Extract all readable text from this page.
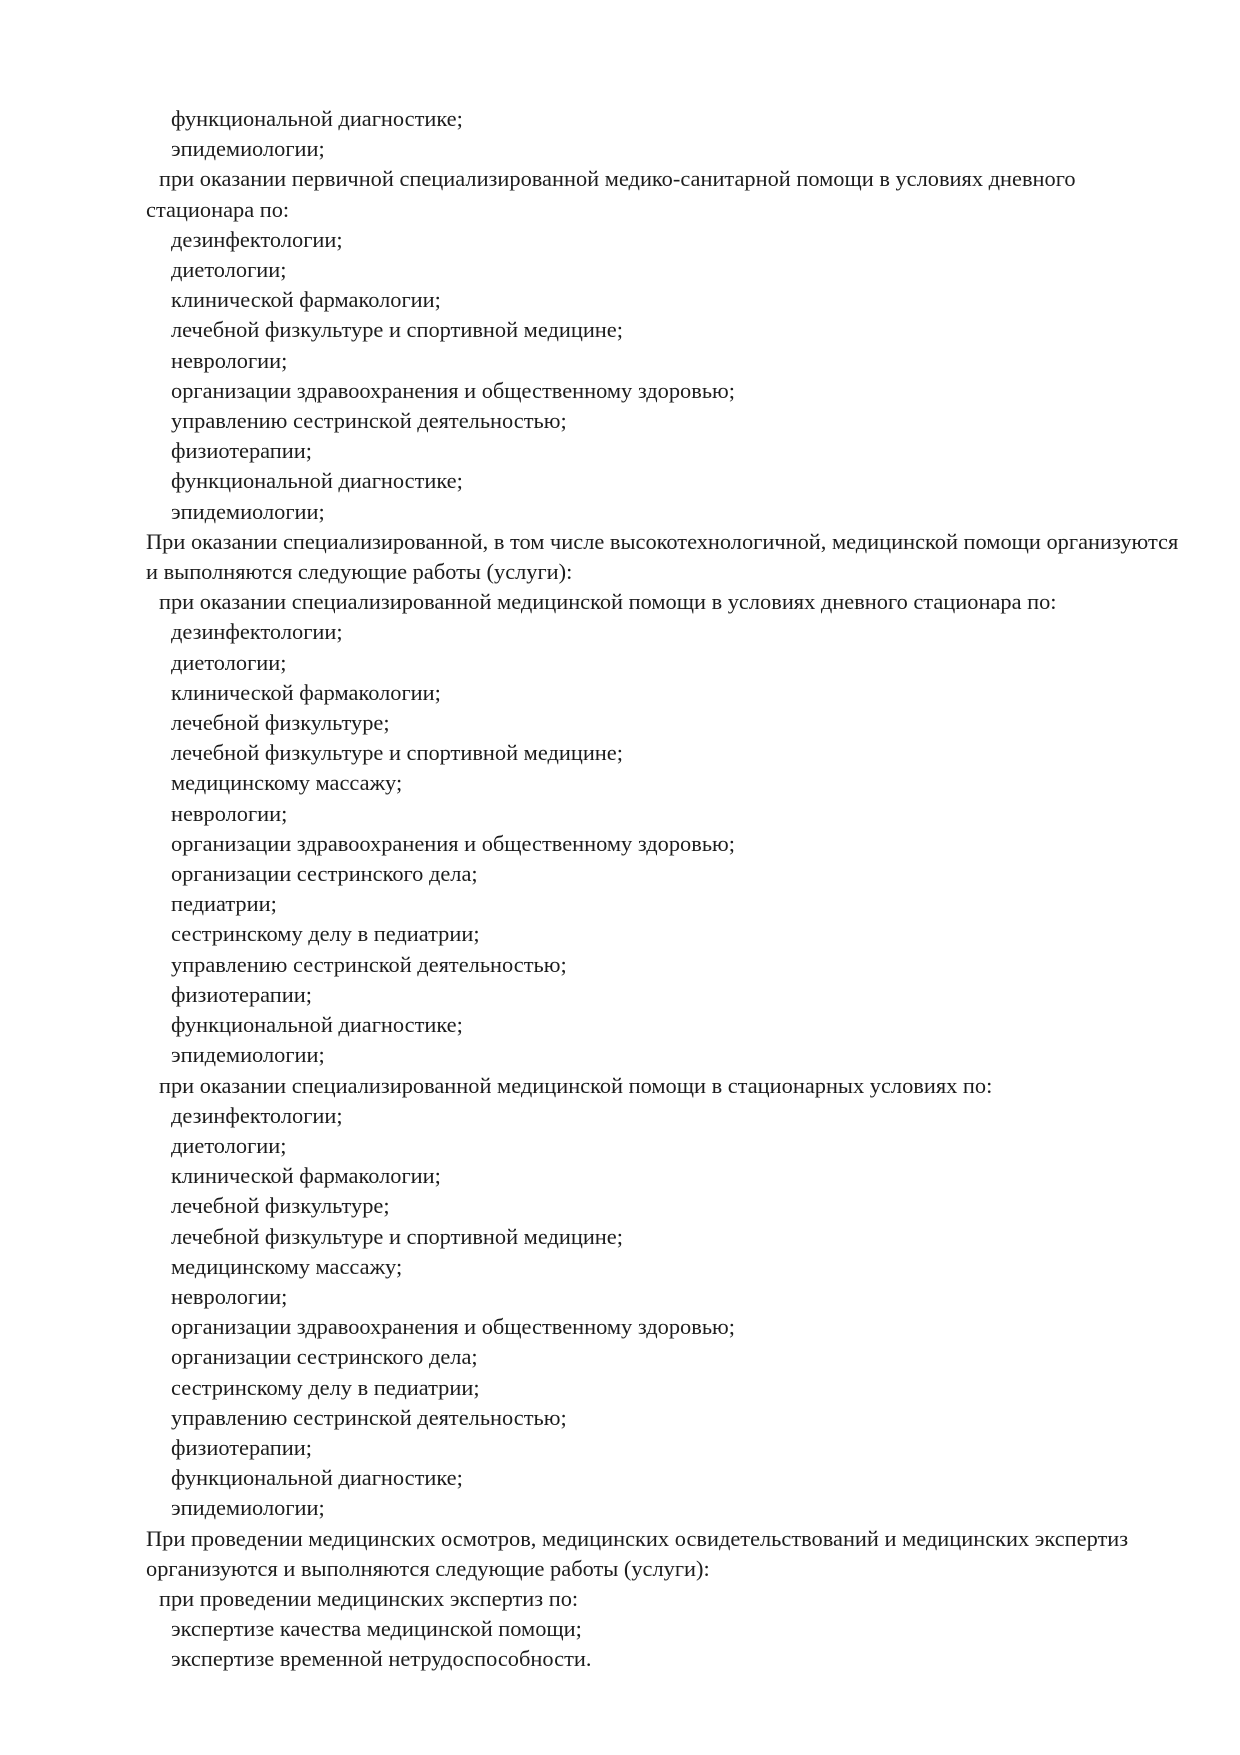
функциональной диагностике;

эпидемиологии;

при оказании первичной специализированной медико-санитарной помощи в условиях дневного стационара по:

дезинфектологии;

диетологии;

клинической фармакологии;

лечебной физкультуре и спортивной медицине;

неврологии;

организации здравоохранения и общественному здоровью;

управлению сестринской деятельностью;

физиотерапии;

функциональной диагностике;

эпидемиологии;

При оказании специализированной, в том числе высокотехнологичной, медицинской помощи организуются и выполняются следующие работы (услуги):

при оказании специализированной медицинской помощи в условиях дневного стационара по:

дезинфектологии;

диетологии;

клинической фармакологии;

лечебной физкультуре;

лечебной физкультуре и спортивной медицине;

медицинскому массажу;

неврологии;

организации здравоохранения и общественному здоровью;

организации сестринского дела;

педиатрии;

сестринскому делу в педиатрии;

управлению сестринской деятельностью;

физиотерапии;

функциональной диагностике;

эпидемиологии;

при оказании специализированной медицинской помощи в стационарных условиях по:

дезинфектологии;

диетологии;

клинической фармакологии;

лечебной физкультуре;

лечебной физкультуре и спортивной медицине;

медицинскому массажу;

неврологии;

организации здравоохранения и общественному здоровью;

организации сестринского дела;

сестринскому делу в педиатрии;

управлению сестринской деятельностью;

физиотерапии;

функциональной диагностике;

эпидемиологии;

При проведении медицинских осмотров, медицинских освидетельствований и медицинских экспертиз организуются и выполняются следующие работы (услуги):

при проведении медицинских экспертиз по:

экспертизе качества медицинской помощи;

экспертизе временной нетрудоспособности.
